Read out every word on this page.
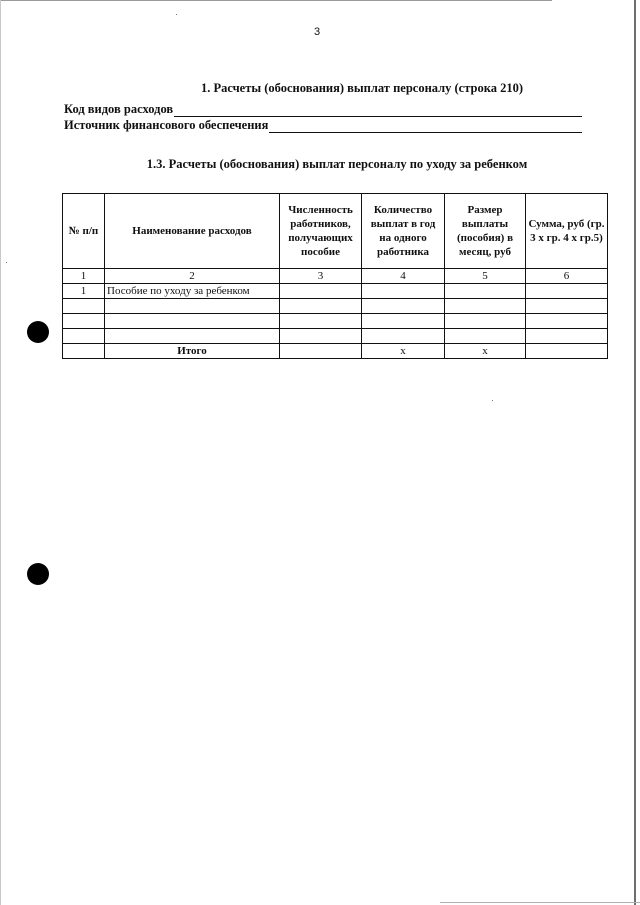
3
1. Расчеты (обоснования) выплат персоналу (строка 210)
Код видов расходов
Источник финансового обеспечения
1.3. Расчеты (обоснования) выплат персоналу по уходу за ребенком
№ п/п	Наименование расходов	Численность работников, получающих пособие	Количество выплат в год на одного работника	Размер выплаты (пособия) в месяц, руб	Сумма, руб (гр. 3 х гр. 4 х гр.5)
1	2	3	4	5	6
1	Пособие по уходу за ребенком				

	Итого		х	х	
